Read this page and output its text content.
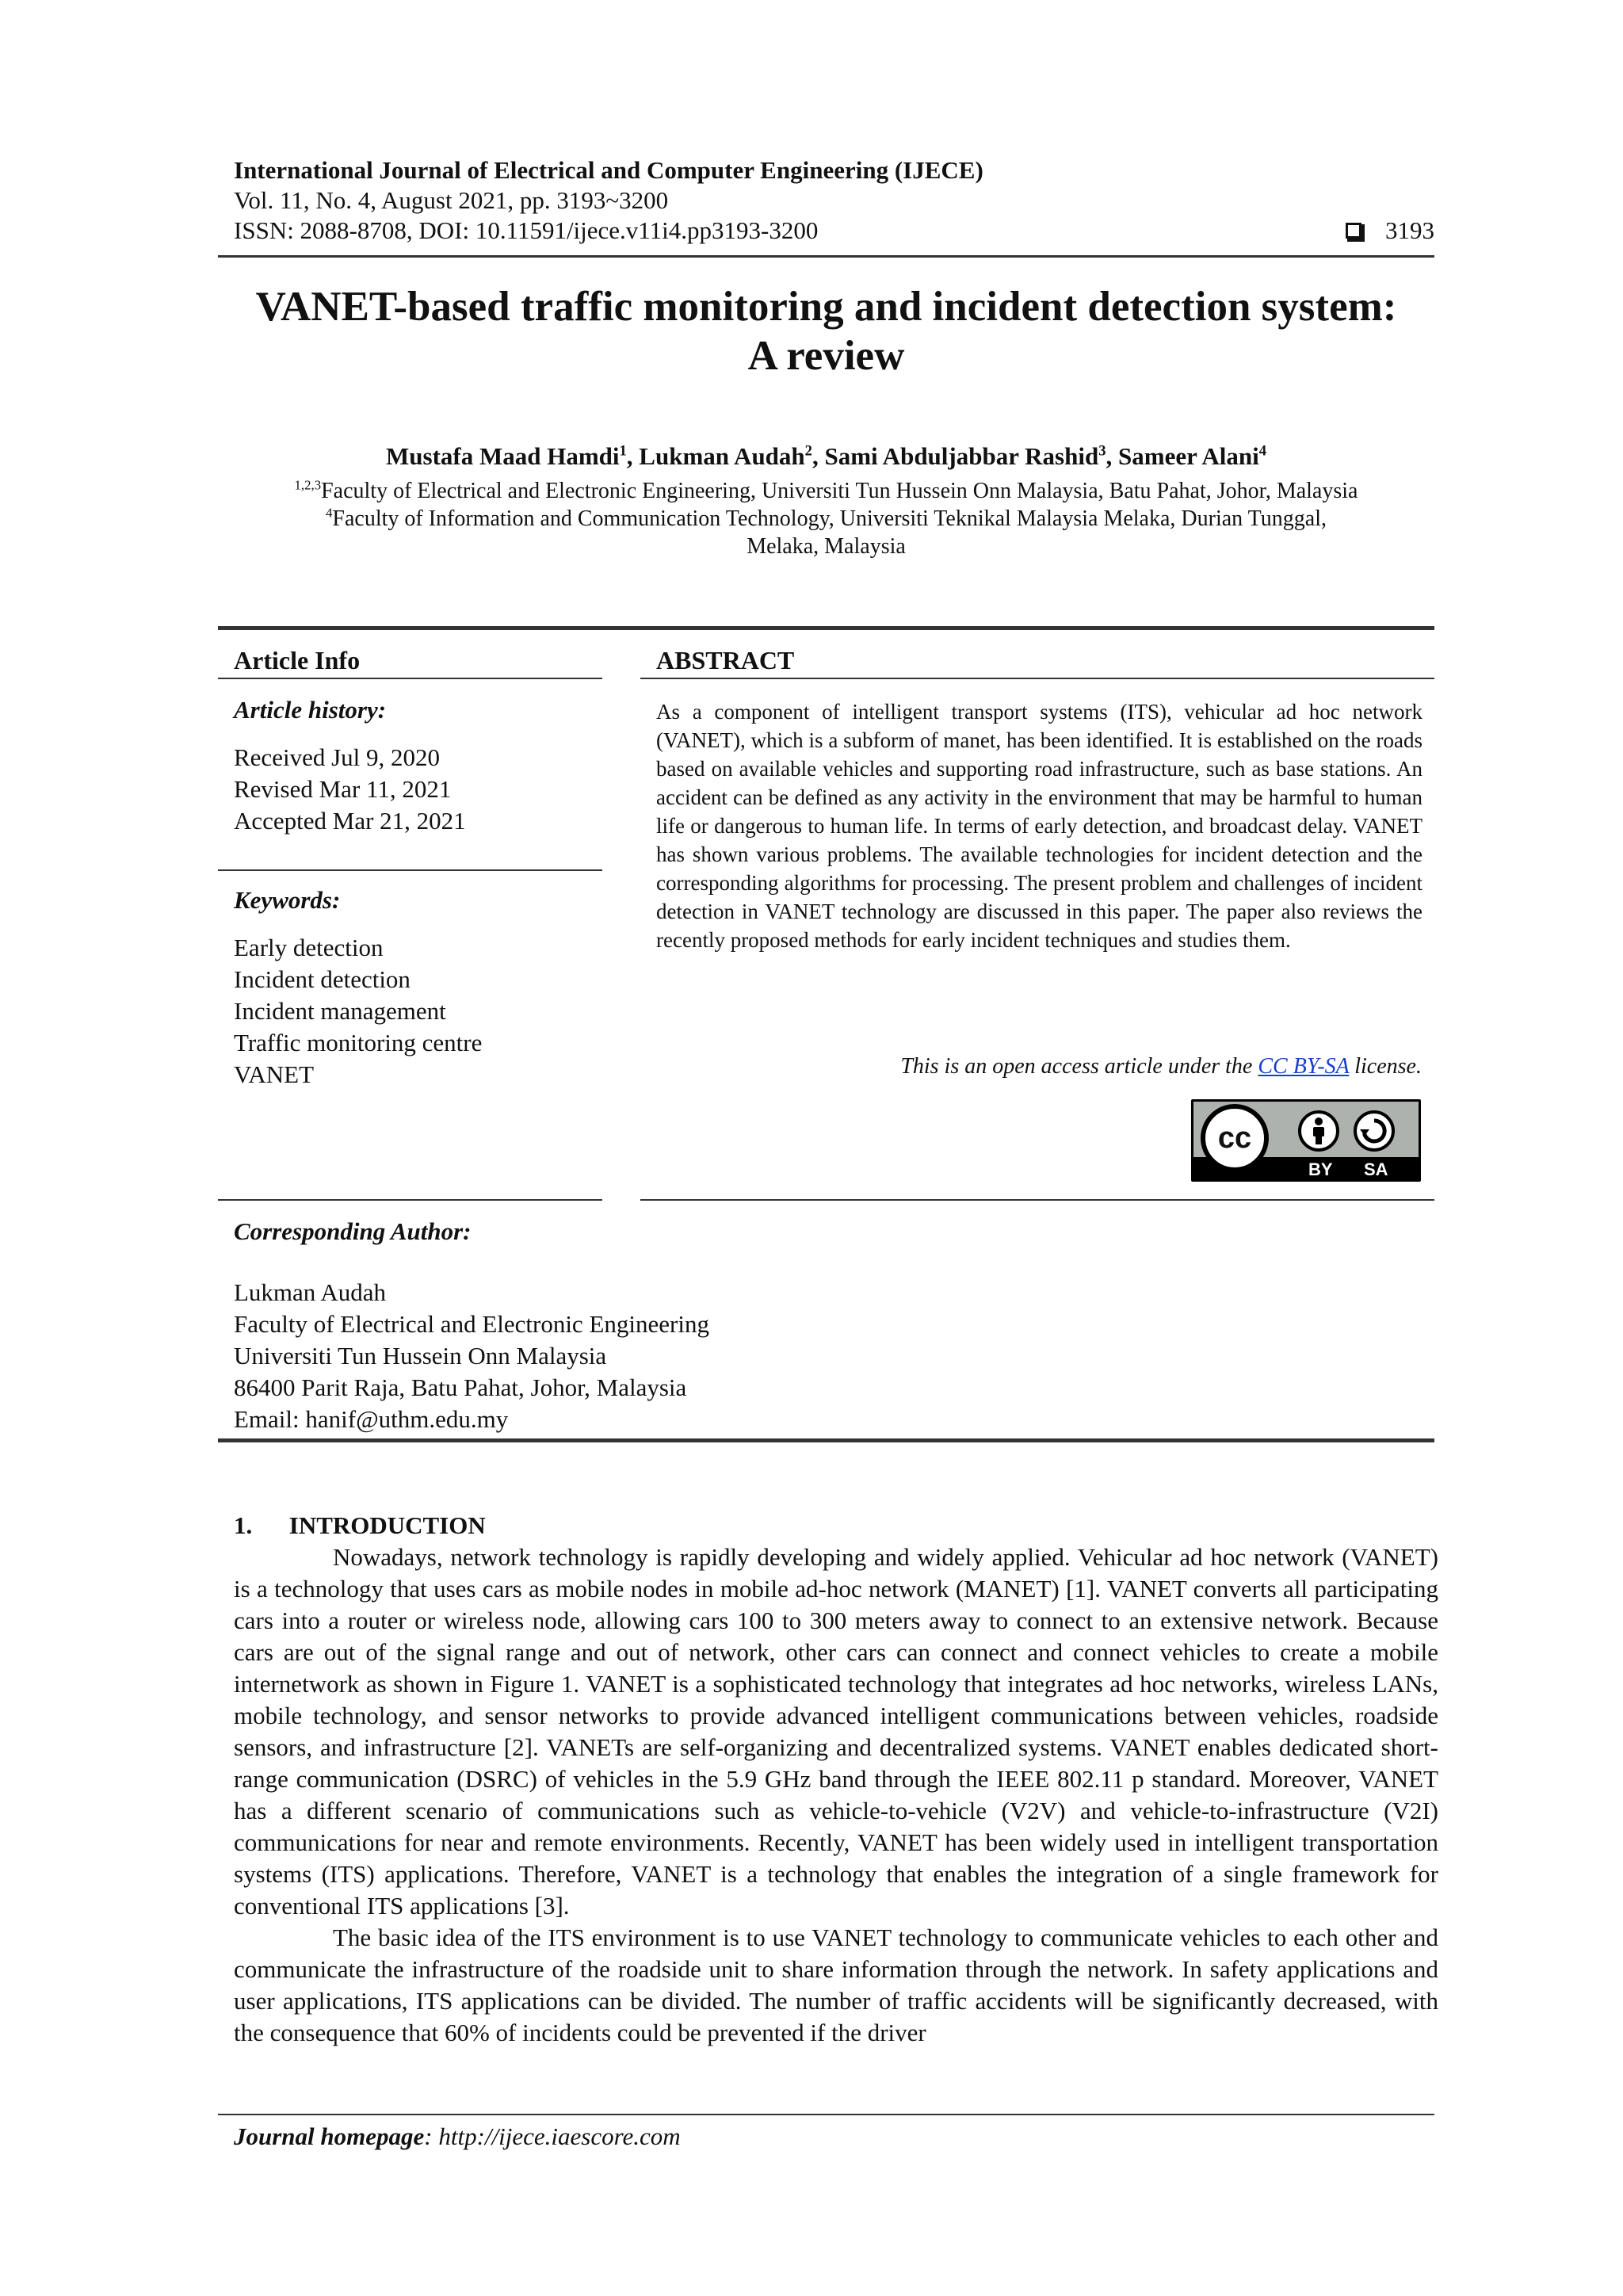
International Journal of Electrical and Computer Engineering (IJECE)
Vol. 11, No. 4, August 2021, pp. 3193~3200
ISSN: 2088-8708, DOI: 10.11591/ijece.v11i4.pp3193-3200	3193
VANET-based traffic monitoring and incident detection system:
A review
Mustafa Maad Hamdi$^1$, Lukman Audah$^2$, Sami Abduljabbar Rashid$^3$, Sameer Alani$^4$
$^{1,2,3}$Faculty of Electrical and Electronic Engineering, Universiti Tun Hussein Onn Malaysia, Batu Pahat, Johor, Malaysia
$^4$Faculty of Information and Communication Technology, Universiti Teknikal Malaysia Melaka, Durian Tunggal,
Melaka, Malaysia
Article Info
Article history:
Received Jul 9, 2020
Revised Mar 11, 2021
Accepted Mar 21, 2021
Keywords:
Early detection
Incident detection
Incident management
Traffic monitoring centre
VANET
ABSTRACT
As a component of intelligent transport systems (ITS), vehicular ad hoc network (VANET), which is a subform of manet, has been identified. It is established on the roads based on available vehicles and supporting road infrastructure, such as base stations. An accident can be defined as any activity in the environment that may be harmful to human life or dangerous to human life. In terms of early detection, and broadcast delay. VANET has shown various problems. The available technologies for incident detection and the corresponding algorithms for processing. The present problem and challenges of incident detection in VANET technology are discussed in this paper. The paper also reviews the recently proposed methods for early incident techniques and studies them.
This is an open access article under the CC BY-SA license.
cc
BY SA
Corresponding Author:
Lukman Audah
Faculty of Electrical and Electronic Engineering
Universiti Tun Hussein Onn Malaysia
86400 Parit Raja, Batu Pahat, Johor, Malaysia
Email: hanif@uthm.edu.my
1.      INTRODUCTION

Nowadays, network technology is rapidly developing and widely applied. Vehicular ad hoc network (VANET) is a technology that uses cars as mobile nodes in mobile ad-hoc network (MANET) [1]. VANET converts all participating cars into a router or wireless node, allowing cars 100 to 300 meters away to connect to an extensive network. Because cars are out of the signal range and out of network, other cars can connect and connect vehicles to create a mobile internetwork as shown in Figure 1. VANET is a sophisticated technology that integrates ad hoc networks, wireless LANs, mobile technology, and sensor networks to provide advanced intelligent communications between vehicles, roadside sensors, and infrastructure [2]. VANETs are self-organizing and decentralized systems. VANET enables dedicated short-range communication (DSRC) of vehicles in the 5.9 GHz band through the IEEE 802.11 p standard. Moreover, VANET has a different scenario of communications such as vehicle-to-vehicle (V2V) and vehicle-to-infrastructure (V2I) communications for near and remote environments. Recently, VANET has been widely used in intelligent transportation systems (ITS) applications. Therefore, VANET is a technology that enables the integration of a single framework for conventional ITS applications [3].

The basic idea of the ITS environment is to use VANET technology to communicate vehicles to each other and communicate the infrastructure of the roadside unit to share information through the network. In safety applications and user applications, ITS applications can be divided. The number of traffic accidents will be significantly decreased, with the consequence that 60% of incidents could be prevented if the driver

Journal homepage: http://ijece.iaescore.com
